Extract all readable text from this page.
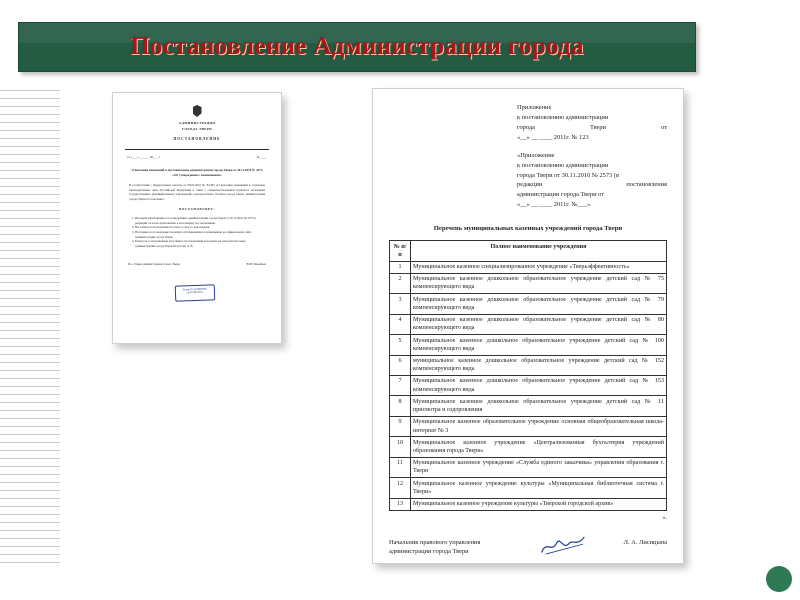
Постановление Администрации города
АДМИНИСТРАЦИЯ
ГОРОДА ТВЕРИ
ПОСТАНОВЛЕНИЕ
от «___» ______ 20___ г.	№ ____
О внесении изменений в постановление администрации города Твери от 30.11.2010 № 2573 «Об утверждении с изменениями»
В соответствии с Федеральным законом от 08.05.2010 № 83-ФЗ «О внесении изменений в отдельные законодательные акты Российской Федерации в связи с совершенствованием правового положения государственных (муниципальных) учреждений», руководствуясь Уставом города Твери, администрация города Твери постановляет:
ПОСТАНОВЛЯЕТ:
1. Изложить Приложение к постановлению администрации города Твери от 30.11.2010 № 2573 в редакции согласно приложению к настоящему постановлению.
2. Настоящее постановление вступает в силу со дня издания.
3. Настоящее постановление подлежит опубликованию и размещению на официальном сайте администрации города Твери.
4. Контроль за исполнением настоящего постановления возложить на заместителя главы администрации города Твери Белоусова А. В.
И.о. Главы администрации города Твери	Ю.Н.Тимофеев
Копия ПОДЛИННИК ДОКУМЕНТА
Приложение
к постановлению администрации
города	Твери	от
«__» __ ____ 2011г. № 123
«Приложение
к постановлению администрации
города Твери от 30.11.2010 № 2573 (в
редакции	постановления
администрации города Твери от
«__» __ ____ 2011г. №___»
Перечень муниципальных казенных учреждений города Твери
№ п/п	Полное наименование учреждения
1	Муниципальное казенное специализированное учреждение «Тверьэффективность»
2	Муниципальное казенное дошкольное образовательное учреждение детский сад № 75 компенсирующего вида
3	Муниципальное казенное дошкольное образовательное учреждение детский сад № 79 компенсирующего вида
4	Муниципальное казенное дошкольное образовательное учреждение детский сад № 80 компенсирующего вида
5	Муниципальное казенное дошкольное образовательное учреждение детский сад № 100 компенсирующего вида
6	муниципальное казенное дошкольное образовательное учреждение детский сад № 152 компенсирующего вида
7	Муниципальное казенное дошкольное образовательное учреждение детский сад № 153 компенсирующего вида
8	Муниципальное казенное дошкольное образовательное учреждение детский сад № 11 присмотра и оздоровления
9	Муниципальное казенное образовательное учреждение основная общеобразовательная школа-интернат № 3
10	Муниципальное казенное учреждение «Централизованная бухгалтерия учреждений образования города Твери»
11	Муниципальное казенное учреждение «Служба единого заказчика» управления образования г. Твери
12	Муниципальное казенное учреждение культуры «Муниципальная библиотечная система г. Твери»
13	Муниципальное казенное учреждение культуры «Тверской городской архив»
».
Начальник правового управления
администрации города Твери
Л. А. Лисицына
